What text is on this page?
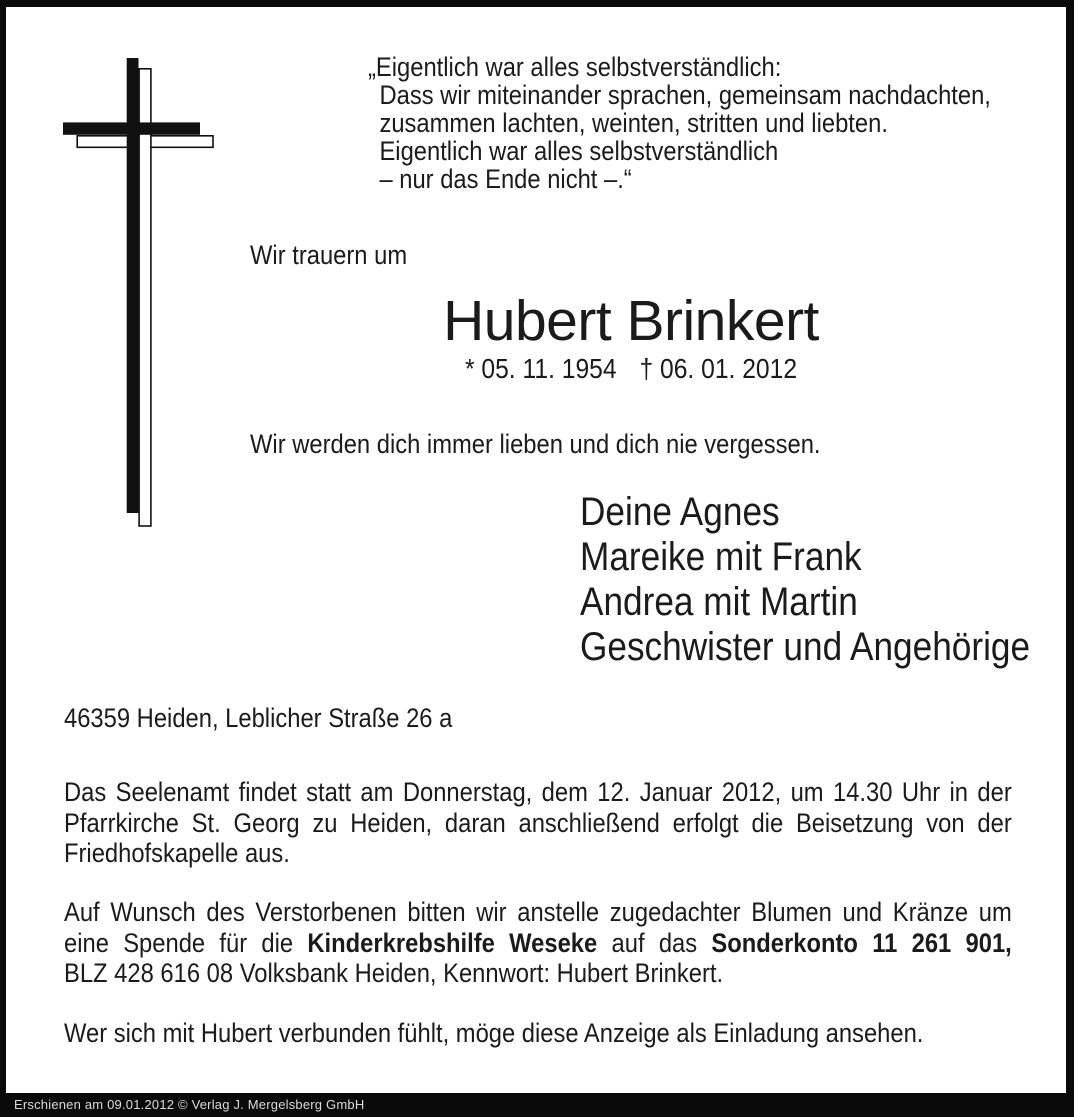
„Eigentlich war alles selbstverständlich:
Dass wir miteinander sprachen, gemeinsam nachdachten,
zusammen lachten, weinten, stritten und liebten.
Eigentlich war alles selbstverständlich
– nur das Ende nicht –.“
Wir trauern um
Hubert Brinkert
* 05. 11. 1954 † 06. 01. 2012
Wir werden dich immer lieben und dich nie vergessen.
Deine Agnes
Mareike mit Frank
Andrea mit Martin
Geschwister und Angehörige
46359 Heiden, Leblicher Straße 26 a
Das Seelenamt findet statt am Donnerstag, dem 12. Januar 2012, um 14.30 Uhr in der
Pfarrkirche St. Georg zu Heiden, daran anschließend erfolgt die Beisetzung von der
Friedhofskapelle aus.
Auf Wunsch des Verstorbenen bitten wir anstelle zugedachter Blumen und Kränze um
eine Spende für die Kinderkrebshilfe Weseke auf das Sonderkonto 11 261 901,
BLZ 428 616 08 Volksbank Heiden, Kennwort: Hubert Brinkert.
Wer sich mit Hubert verbunden fühlt, möge diese Anzeige als Einladung ansehen.
Erschienen am 09.01.2012 © Verlag J. Mergelsberg GmbH
